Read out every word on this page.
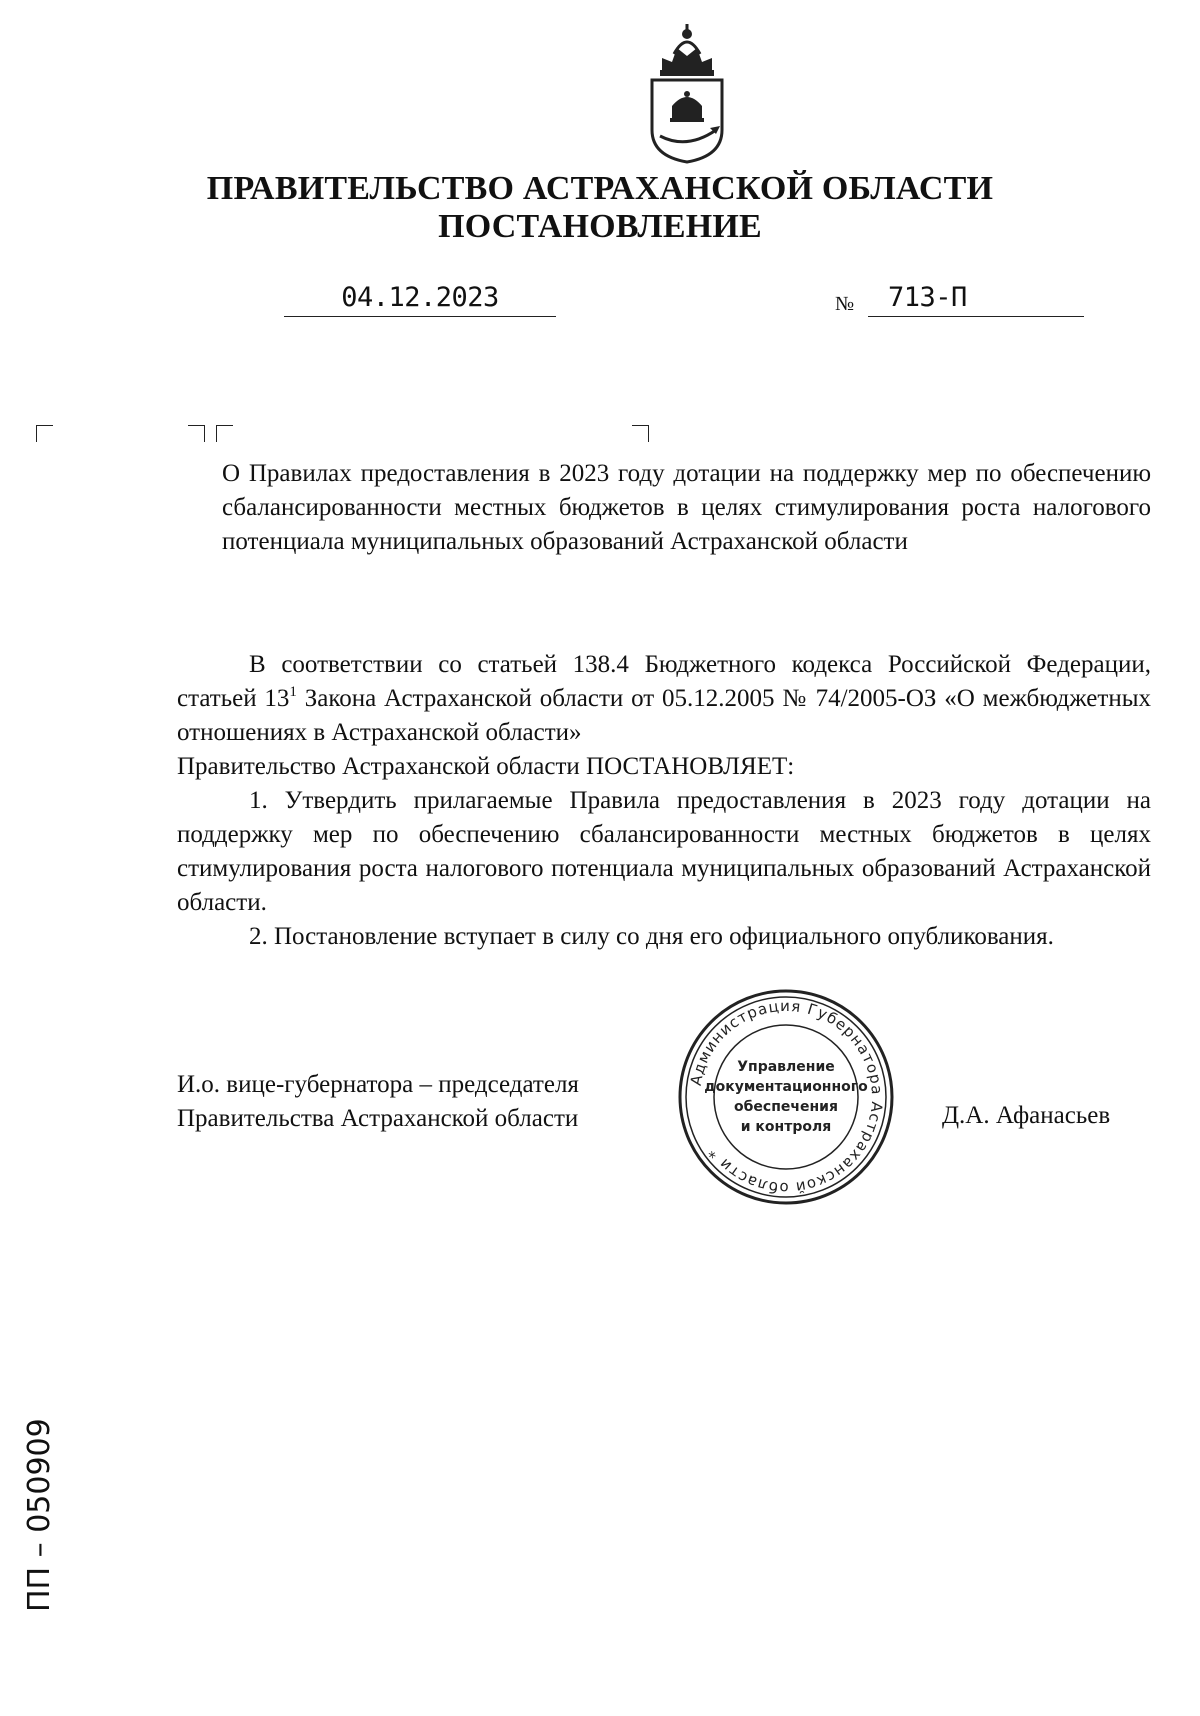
ПРАВИТЕЛЬСТВО АСТРАХАНСКОЙ ОБЛАСТИ
ПОСТАНОВЛЕНИЕ
04.12.2023	№ 713-П
О Правилах предоставления в 2023 году дотации на поддержку мер по обеспечению сбалансированности местных бюджетов в целях стимулирования роста налогового потенциала муниципальных образований Астраханской области

В соответствии со статьей 138.4 Бюджетного кодекса Российской Федерации, статьей $13^1$ Закона Астраханской области от 05.12.2005 № 74/2005-ОЗ «О межбюджетных отношениях в Астраханской области»

Правительство Астраханской области ПОСТАНОВЛЯЕТ:

1. Утвердить прилагаемые Правила предоставления в 2023 году дотации на поддержку мер по обеспечению сбалансированности местных бюджетов в целях стимулирования роста налогового потенциала муниципальных образований Астраханской области.

2. Постановление вступает в силу со дня его официального опубликования.

И.о. вице-губернатора – председателя
Правительства Астраханской области	Д.А. Афанасьев
Администрация Губернатора Астраханской области *
Управление
документационного
обеспечения
и контроля
ПП – 050909
